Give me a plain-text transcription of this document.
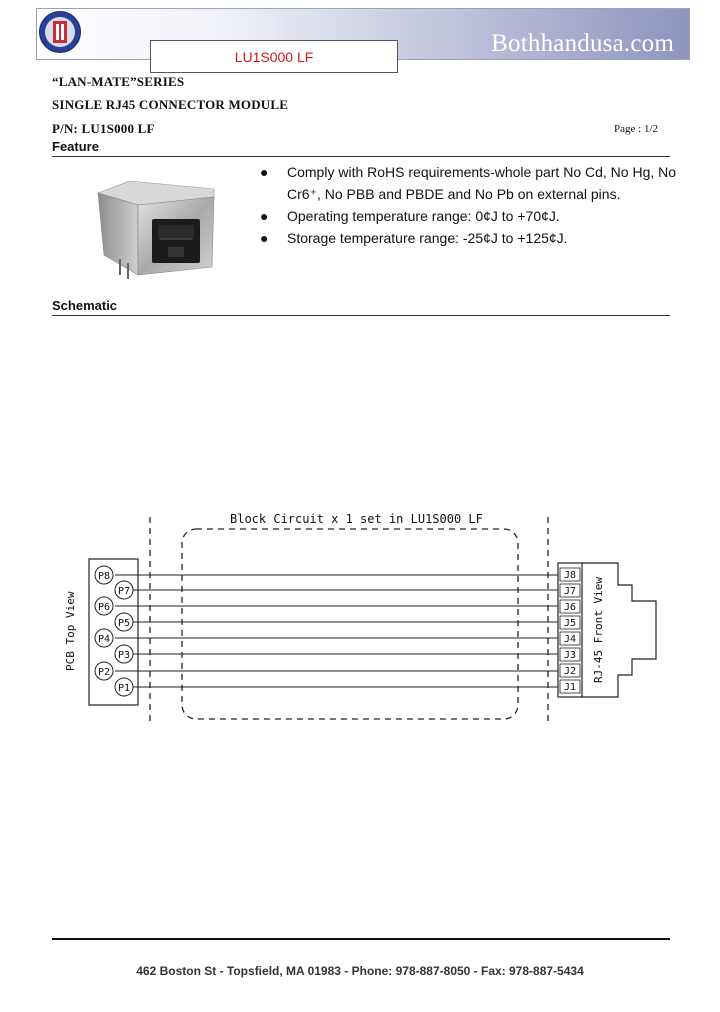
Bothhandusa.com
LU1S000 LF
“LAN-MATE”SERIES
SINGLE RJ45 CONNECTOR MODULE
P/N: LU1S000 LF	Page : 1/2
Feature
●	Comply with RoHS requirements-whole part No Cd, No Hg, No Cr6⁺, No PBB and PBDE and No Pb on external pins.
●	Operating temperature range: 0¢J to +70¢J.
●	Storage temperature range: -25¢J to +125¢J.
Schematic
Block Circuit x 1 set in LU1S000 LF
PCB Top View	RJ-45 Front View
P8
P7
P6
P5
P4
P3
P2
P1
J8
J7
J6
J5
J4
J3
J2
J1
462 Boston St - Topsfield, MA 01983 - Phone: 978-887-8050 - Fax: 978-887-5434
